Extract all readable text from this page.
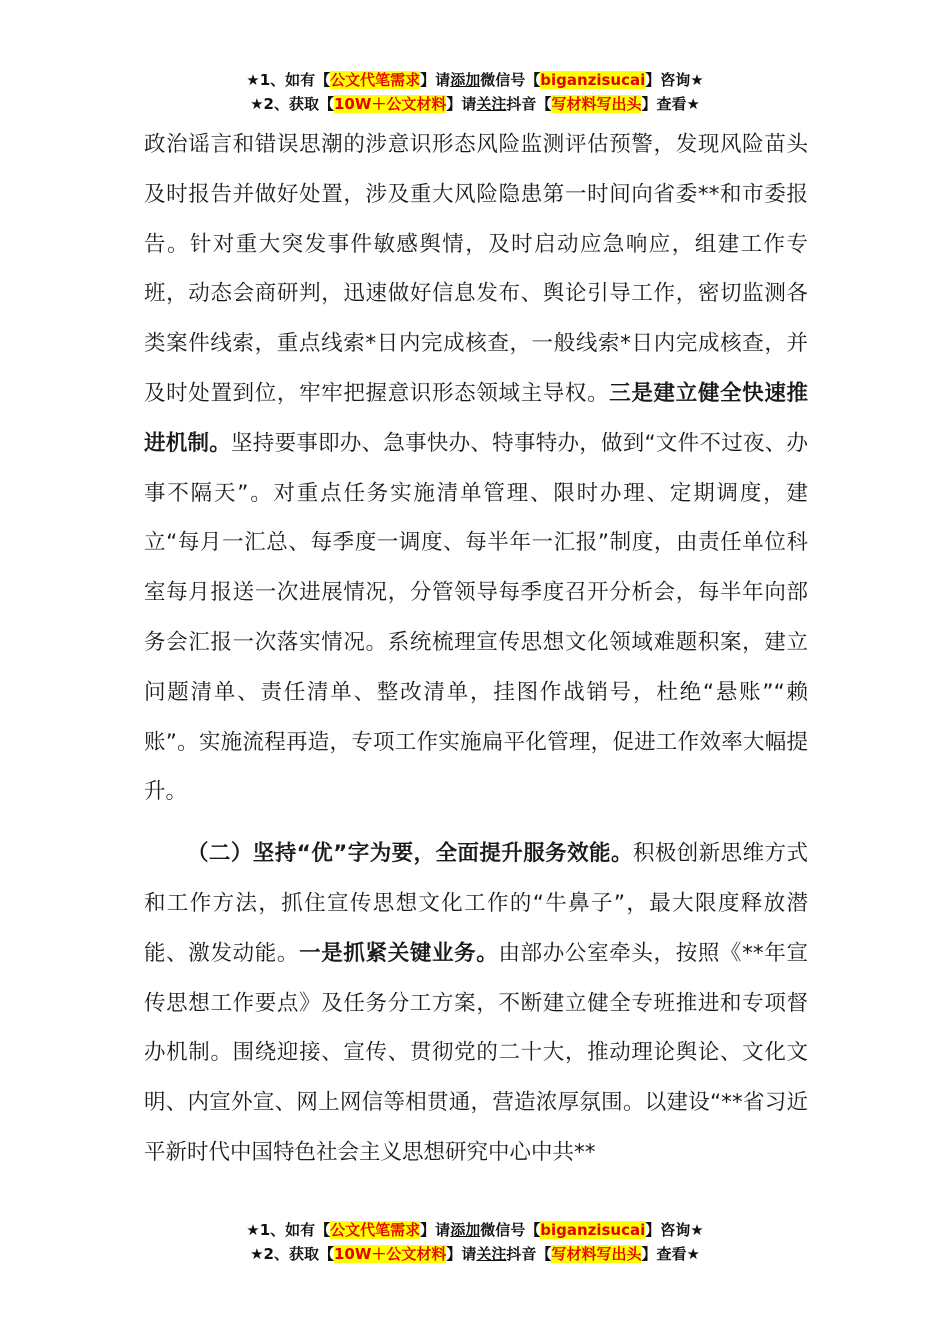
★1、如有【公文代笔需求】请添加微信号【biganzisucai】咨询★
★2、获取【10W＋公文材料】请关注抖音【写材料写出头】查看★

政治谣言和错误思潮的涉意识形态风险监测评估预警，发现风险苗头及时报告并做好处置，涉及重大风险隐患第一时间向省委**和市委报告。针对重大突发事件敏感舆情，及时启动应急响应，组建工作专班，动态会商研判，迅速做好信息发布、舆论引导工作，密切监测各类案件线索，重点线索*日内完成核查，一般线索*日内完成核查，并及时处置到位，牢牢把握意识形态领域主导权。三是建立健全快速推进机制。坚持要事即办、急事快办、特事特办，做到“文件不过夜、办事不隔天”。对重点任务实施清单管理、限时办理、定期调度，建立“每月一汇总、每季度一调度、每半年一汇报”制度，由责任单位科室每月报送一次进展情况，分管领导每季度召开分析会，每半年向部务会汇报一次落实情况。系统梳理宣传思想文化领域难题积案，建立问题清单、责任清单、整改清单，挂图作战销号，杜绝“悬账”“赖账”。实施流程再造，专项工作实施扁平化管理，促进工作效率大幅提升。

（二）坚持“优”字为要，全面提升服务效能。积极创新思维方式和工作方法，抓住宣传思想文化工作的“牛鼻子”，最大限度释放潜能、激发动能。一是抓紧关键业务。由部办公室牵头，按照《**年宣传思想工作要点》及任务分工方案，不断建立健全专班推进和专项督办机制。围绕迎接、宣传、贯彻党的二十大，推动理论舆论、文化文明、内宣外宣、网上网信等相贯通，营造浓厚氛围。以建设“**省习近平新时代中国特色社会主义思想研究中心中共**

★1、如有【公文代笔需求】请添加微信号【biganzisucai】咨询★
★2、获取【10W＋公文材料】请关注抖音【写材料写出头】查看★
